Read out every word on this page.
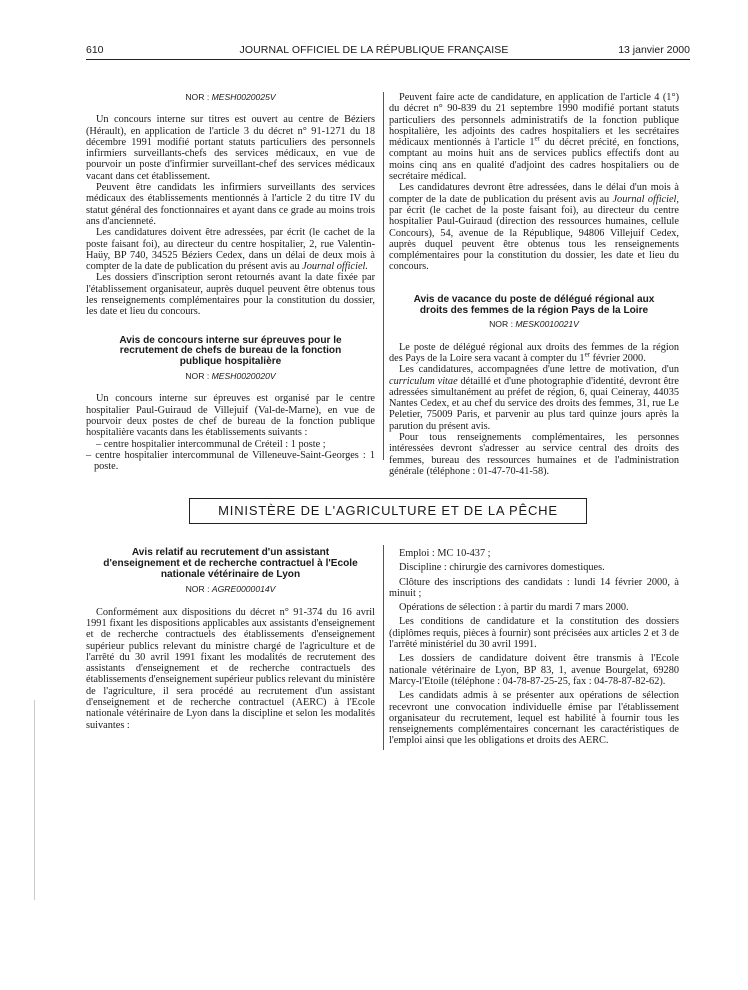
610	JOURNAL OFFICIEL DE LA RÉPUBLIQUE FRANÇAISE	13 janvier 2000
NOR : MESH0020025V

Un concours interne sur titres est ouvert au centre de Béziers (Hérault), en application de l'article 3 du décret n° 91-1271 du 18 décembre 1991 modifié portant statuts particuliers des personnels infirmiers surveillants-chefs des services médicaux, en vue de pourvoir un poste d'infirmier surveillant-chef des services médicaux vacant dans cet établissement.

Peuvent être candidats les infirmiers surveillants des services médicaux des établissements mentionnés à l'article 2 du titre IV du statut général des fonctionnaires et ayant dans ce grade au moins trois ans d'ancienneté.

Les candidatures doivent être adressées, par écrit (le cachet de la poste faisant foi), au directeur du centre hospitalier, 2, rue Valentin-Haüy, BP 740, 34525 Béziers Cedex, dans un délai de deux mois à compter de la date de publication du présent avis au Journal officiel.

Les dossiers d'inscription seront retournés avant la date fixée par l'établissement organisateur, auprès duquel peuvent être obtenus tous les renseignements complémentaires pour la constitution du dossier, les date et lieu du concours.

Avis de concours interne sur épreuves pour le recrutement de chefs de bureau de la fonction publique hospitalière
NOR : MESH0020020V

Un concours interne sur épreuves est organisé par le centre hospitalier Paul-Guiraud de Villejuif (Val-de-Marne), en vue de pourvoir deux postes de chef de bureau de la fonction publique hospitalière vacants dans les établissements suivants :

– centre hospitalier intercommunal de Créteil : 1 poste ;

– centre hospitalier intercommunal de Villeneuve-Saint-Georges : 1 poste.

Peuvent faire acte de candidature, en application de l'article 4 (1°) du décret n° 90-839 du 21 septembre 1990 modifié portant statuts particuliers des personnels administratifs de la fonction publique hospitalière, les adjoints des cadres hospitaliers et les secrétaires médicaux mentionnés à l'article 1er du décret précité, en fonctions, comptant au moins huit ans de services publics effectifs dont au moins cinq ans en qualité d'adjoint des cadres hospitaliers ou de secrétaire médical.

Les candidatures devront être adressées, dans le délai d'un mois à compter de la date de publication du présent avis au Journal officiel, par écrit (le cachet de la poste faisant foi), au directeur du centre hospitalier Paul-Guiraud (direction des ressources humaines, cellule Concours), 54, avenue de la République, 94806 Villejuif Cedex, auprès duquel peuvent être obtenus tous les renseignements complémentaires pour la constitution du dossier, les date et lieu du concours.

Avis de vacance du poste de délégué régional aux droits des femmes de la région Pays de la Loire
NOR : MESK0010021V

Le poste de délégué régional aux droits des femmes de la région des Pays de la Loire sera vacant à compter du 1er février 2000.

Les candidatures, accompagnées d'une lettre de motivation, d'un curriculum vitae détaillé et d'une photographie d'identité, devront être adressées simultanément au préfet de région, 6, quai Ceineray, 44035 Nantes Cedex, et au chef du service des droits des femmes, 31, rue Le Peletier, 75009 Paris, et parvenir au plus tard quinze jours après la parution du présent avis.

Pour tous renseignements complémentaires, les personnes intéressées devront s'adresser au service central des droits des femmes, bureau des ressources humaines et de l'administration générale (téléphone : 01-47-70-41-58).

MINISTÈRE DE L'AGRICULTURE ET DE LA PÊCHE
Avis relatif au recrutement d'un assistant d'enseignement et de recherche contractuel à l'Ecole nationale vétérinaire de Lyon
NOR : AGRE0000014V

Conformément aux dispositions du décret n° 91-374 du 16 avril 1991 fixant les dispositions applicables aux assistants d'enseignement et de recherche contractuels des établissements d'enseignement supérieur publics relevant du ministre chargé de l'agriculture et de l'arrêté du 30 avril 1991 fixant les modalités de recrutement des assistants d'enseignement et de recherche contractuels des établissements d'enseignement supérieur publics relevant du ministère de l'agriculture, il sera procédé au recrutement d'un assistant d'enseignement et de recherche contractuel (AERC) à l'Ecole nationale vétérinaire de Lyon dans la discipline et selon les modalités suivantes :

Emploi : MC 10-437 ;

Discipline : chirurgie des carnivores domestiques.

Clôture des inscriptions des candidats : lundi 14 février 2000, à minuit ;

Opérations de sélection : à partir du mardi 7 mars 2000.

Les conditions de candidature et la constitution des dossiers (diplômes requis, pièces à fournir) sont précisées aux articles 2 et 3 de l'arrêté ministériel du 30 avril 1991.

Les dossiers de candidature doivent être transmis à l'Ecole nationale vétérinaire de Lyon, BP 83, 1, avenue Bourgelat, 69280 Marcy-l'Etoile (téléphone : 04-78-87-25-25, fax : 04-78-87-82-62).

Les candidats admis à se présenter aux opérations de sélection recevront une convocation individuelle émise par l'établissement organisateur du recrutement, lequel est habilité à fournir tous les renseignements complémentaires concernant les caractéristiques de l'emploi ainsi que les obligations et droits des AERC.
